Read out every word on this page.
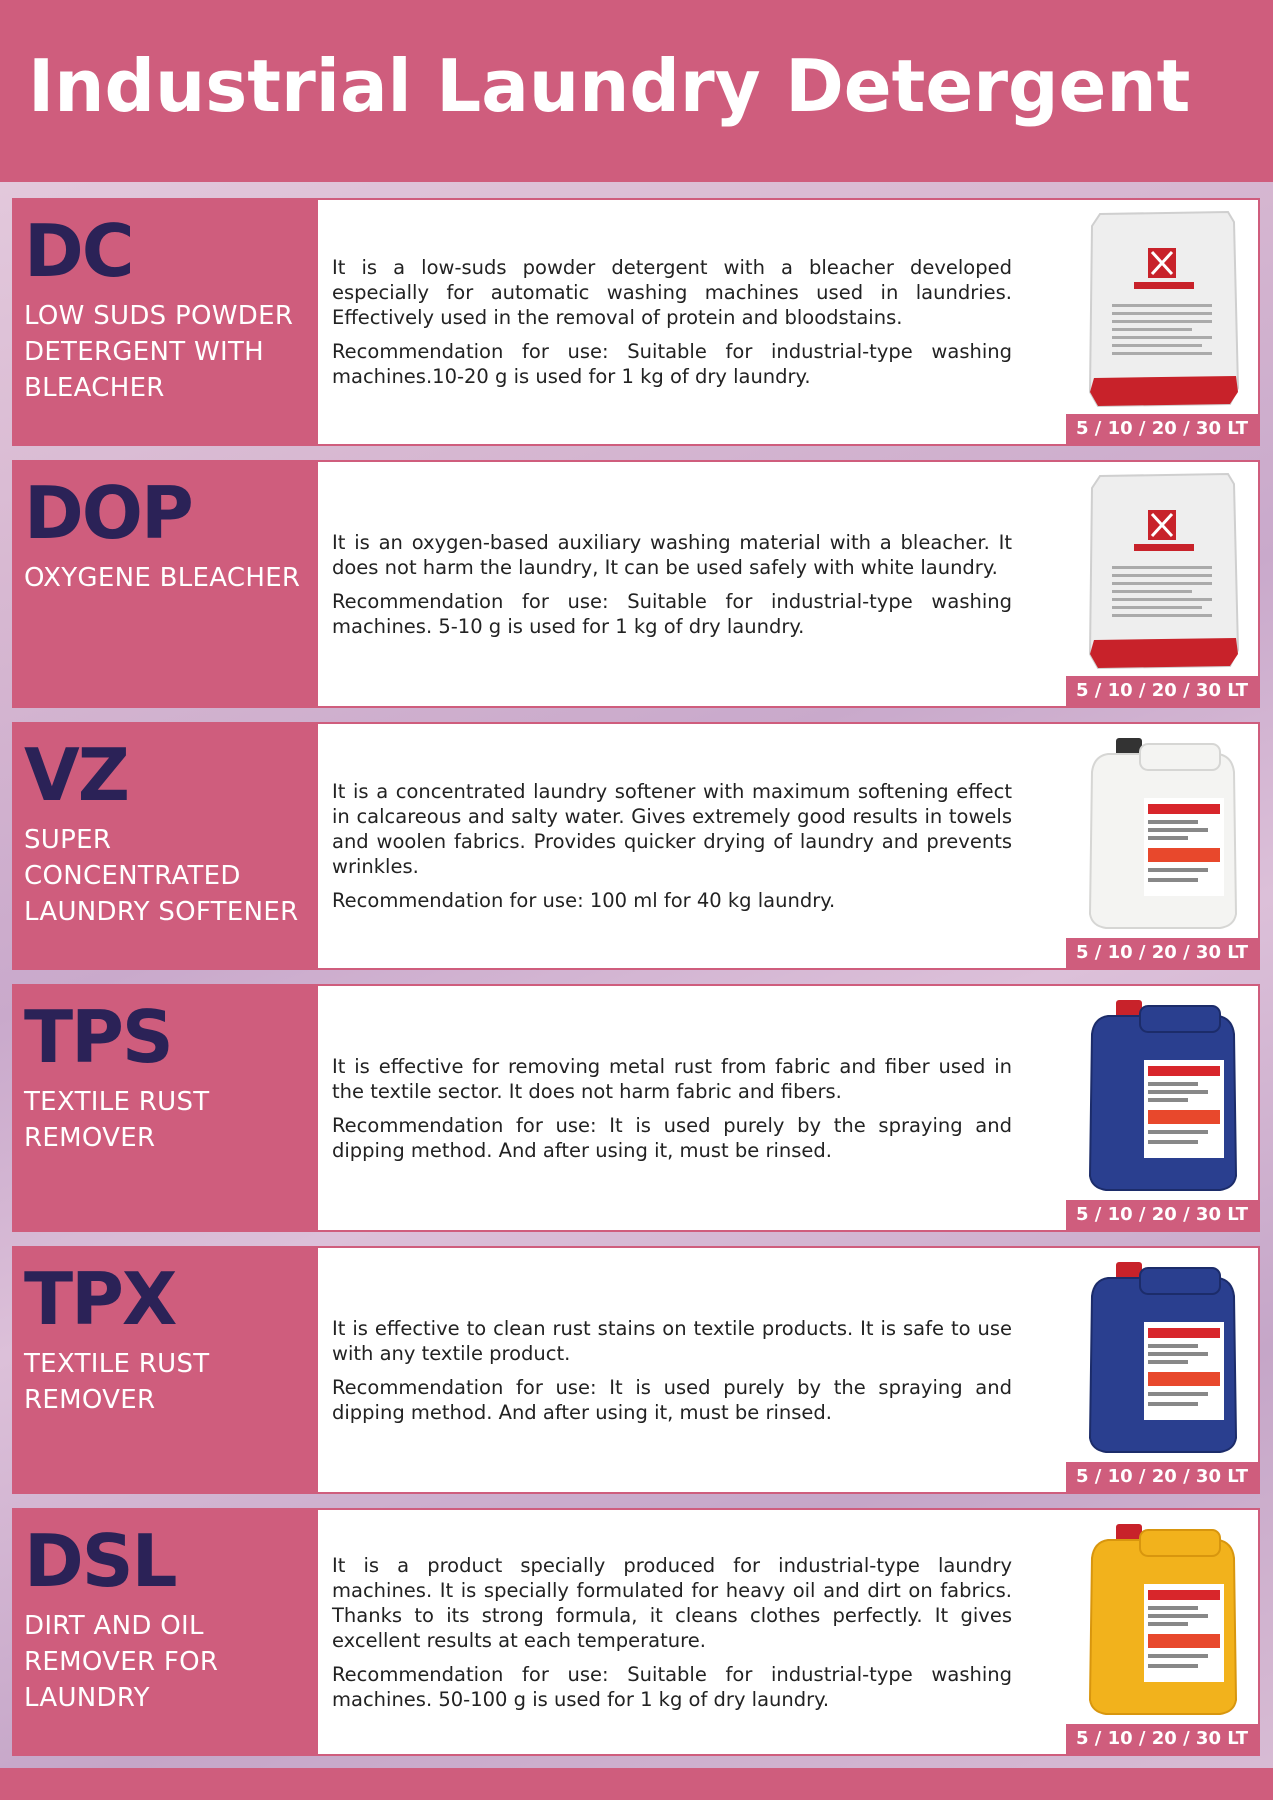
Industrial Laundry Detergent
DC
LOW SUDS POWDER DETERGENT WITH BLEACHER

It is a low-suds powder detergent with a bleacher developed especially for automatic washing machines used in laundries. Effectively used in the removal of protein and bloodstains.

Recommendation for use: Suitable for industrial-type washing machines.10-20 g is used for 1 kg of dry laundry.

5 / 10 / 20 / 30 LT
DOP
OXYGENE BLEACHER

It is an oxygen-based auxiliary washing material with a bleacher. It does not harm the laundry, It can be used safely with white laundry.

Recommendation for use: Suitable for industrial-type washing machines. 5-10 g is used for 1 kg of dry laundry.

5 / 10 / 20 / 30 LT
VZ
SUPER CONCENTRATED LAUNDRY SOFTENER

It is a concentrated laundry softener with maximum softening effect in calcareous and salty water. Gives extremely good results in towels and woolen fabrics. Provides quicker drying of laundry and prevents wrinkles.

Recommendation for use: 100 ml for 40 kg laundry.

5 / 10 / 20 / 30 LT
TPS
TEXTILE RUST REMOVER

It is effective for removing metal rust from fabric and fiber used in the textile sector. It does not harm fabric and fibers.

Recommendation for use: It is used purely by the spraying and dipping method. And after using it, must be rinsed.

5 / 10 / 20 / 30 LT
TPX
TEXTILE RUST REMOVER

It is effective to clean rust stains on textile products. It is safe to use with any textile product.

Recommendation for use: It is used purely by the spraying and dipping method. And after using it, must be rinsed.

5 / 10 / 20 / 30 LT
DSL
DIRT AND OIL REMOVER FOR LAUNDRY

It is a product specially produced for industrial-type laundry machines. It is specially formulated for heavy oil and dirt on fabrics. Thanks to its strong formula, it cleans clothes perfectly. It gives excellent results at each temperature.

Recommendation for use: Suitable for industrial-type washing machines. 50-100 g is used for 1 kg of dry laundry.

5 / 10 / 20 / 30 LT
